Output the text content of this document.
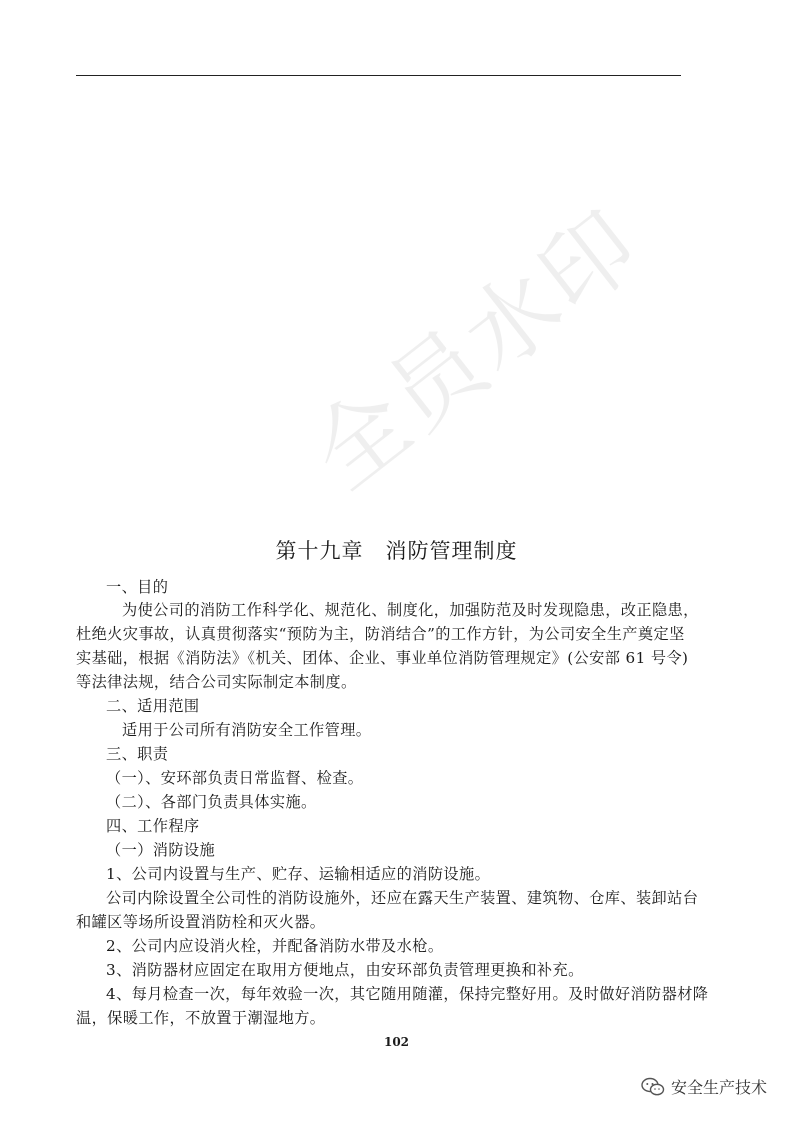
全员水印
第十九章　消防管理制度
一、目的
为使公司的消防工作科学化、规范化、制度化，加强防范及时发现隐患，改正隐患，
杜绝火灾事故，认真贯彻落实“预防为主，防消结合”的工作方针，为公司安全生产奠定坚
实基础，根据《消防法》《机关、团体、企业、事业单位消防管理规定》(公安部 61 号令)
等法律法规，结合公司实际制定本制度。
二、适用范围
适用于公司所有消防安全工作管理。
三、职责
（一）、安环部负责日常监督、检查。
（二）、各部门负责具体实施。
四、工作程序
（一）消防设施
1、公司内设置与生产、贮存、运输相适应的消防设施。
公司内除设置全公司性的消防设施外，还应在露天生产装置、建筑物、仓库、装卸站台
和罐区等场所设置消防栓和灭火器。
2、公司内应设消火栓，并配备消防水带及水枪。
3、消防器材应固定在取用方便地点，由安环部负责管理更换和补充。
4、每月检查一次，每年效验一次，其它随用随灌，保持完整好用。及时做好消防器材降
温，保暖工作，不放置于潮湿地方。
102
安全生产技术
